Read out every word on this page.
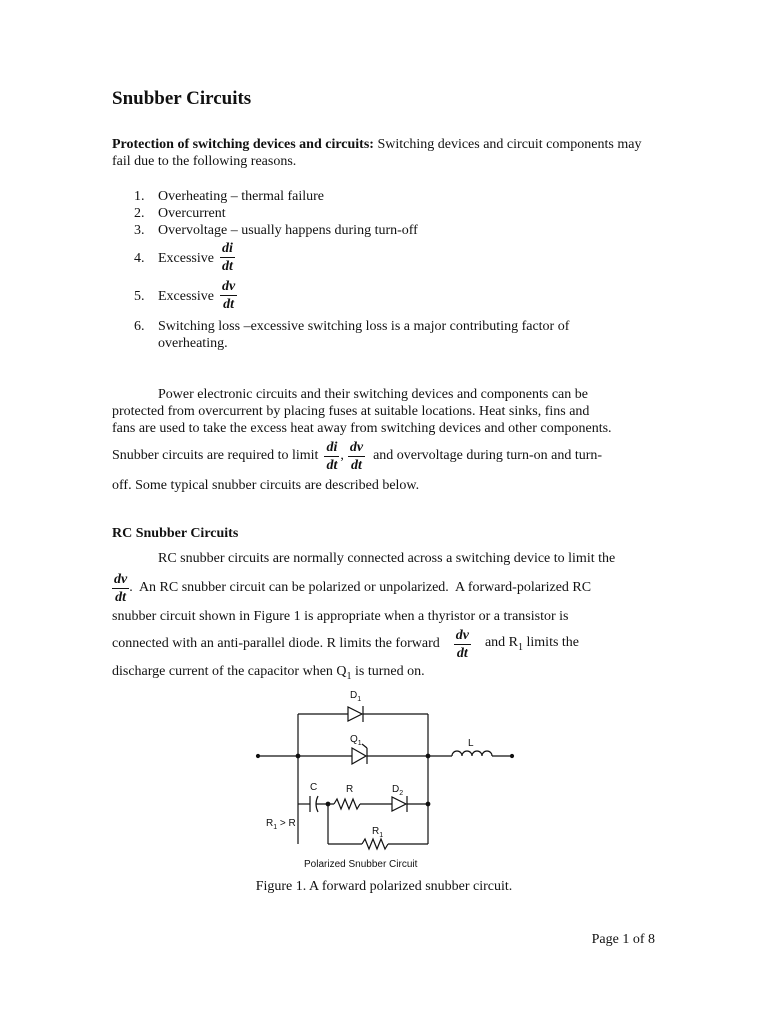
Snubber Circuits
Protection of switching devices and circuits: Switching devices and circuit components may fail due to the following reasons.
1. Overheating – thermal failure
2. Overcurrent
3. Overvoltage – usually happens during turn-off
4. Excessive $\frac{di}{dt}$
5. Excessive $\frac{dv}{dt}$
6. Switching loss –excessive switching loss is a major contributing factor of
overheating.
Power electronic circuits and their switching devices and components can be
protected from overcurrent by placing fuses at suitable locations. Heat sinks, fins and
fans are used to take the excess heat away from switching devices and other components.
Snubber circuits are required to limit $\frac{di}{dt}$ , $\frac{dv}{dt}$ and overvoltage during turn-on and turn-
off. Some typical snubber circuits are described below.
RC Snubber Circuits
RC snubber circuits are normally connected across a switching device to limit the
$\frac{dv}{dt}$ .  An RC snubber circuit can be polarized or unpolarized.  A forward-polarized RC
snubber circuit shown in Figure 1 is appropriate when a thyristor or a transistor is
connected with an anti-parallel diode. R limits the forward $\frac{dv}{dt}$ and $R_1$ limits the
discharge current of the capacitor when $Q_1$ is turned on.
$D_1$
$Q_1$	L
C	R	$D_2$
$R_1 > R$
$R_1$
Polarized Snubber Circuit
Figure 1. A forward polarized snubber circuit.
Page 1 of 8
